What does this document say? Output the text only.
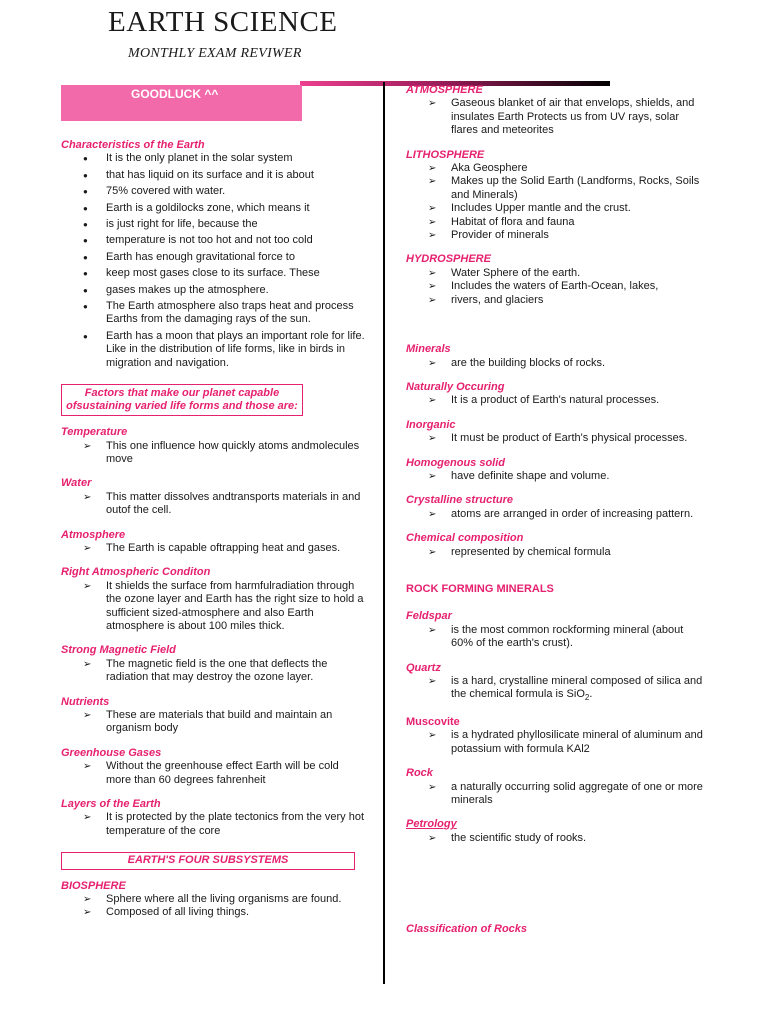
EARTH SCIENCE
MONTHLY EXAM REVIWER
GOODLUCK ^^
Characteristics of the Earth
● It is the only planet in the solar system
● that has liquid on its surface and it is about
● 75% covered with water.
● Earth is a goldilocks zone, which means it
● is just right for life, because the
● temperature is not too hot and not too cold
● Earth has enough gravitational force to
● keep most gases close to its surface. These
● gases makes up the atmosphere.
● The Earth atmosphere also traps heat and process Earths from the damaging rays of the sun.
● Earth has a moon that plays an important role for life. Like in the distribution of life forms, like in birds in migration and navigation.
Factors that make our planet capable ofsustaining varied life forms and those are:
Temperature
➢ This one influence how quickly atoms andmolecules move
Water
➢ This matter dissolves andtransports materials in and outof the cell.
Atmosphere
➢ The Earth is capable oftrapping heat and gases.
Right Atmospheric Conditon
➢ It shields the surface from harmfulradiation through the ozone layer and Earth has the right size to hold a sufficient sized-atmosphere and also Earth atmosphere is about 100 miles thick.
Strong Magnetic Field
➢ The magnetic field is the one that deflects the radiation that may destroy the ozone layer.
Nutrients
➢ These are materials that build and maintain an organism body
Greenhouse Gases
➢ Without the greenhouse effect Earth will be cold more than 60 degrees fahrenheit
Layers of the Earth
➢ It is protected by the plate tectonics from the very hot temperature of the core
EARTH'S FOUR SUBSYSTEMS
BIOSPHERE
➢ Sphere where all the living organisms are found.
➢ Composed of all living things.
ATMOSPHERE
➢ Gaseous blanket of air that envelops, shields, and insulates Earth Protects us from UV rays, solar flares and meteorites
LITHOSPHERE
➢ Aka Geosphere
➢ Makes up the Solid Earth (Landforms, Rocks, Soils and Minerals)
➢ Includes Upper mantle and the crust.
➢ Habitat of flora and fauna
➢ Provider of minerals
HYDROSPHERE
➢ Water Sphere of the earth.
➢ Includes the waters of Earth-Ocean, lakes,
➢ rivers, and glaciers
Minerals
➢ are the building blocks of rocks.
Naturally Occuring
➢ It is a product of Earth's natural processes.
Inorganic
➢ It must be product of Earth's physical processes.
Homogenous solid
➢ have definite shape and volume.
Crystalline structure
➢ atoms are arranged in order of increasing pattern.
Chemical composition
➢ represented by chemical formula
ROCK FORMING MINERALS
Feldspar
➢ is the most common rockforming mineral (about 60% of the earth's crust).
Quartz
➢ is a hard, crystalline mineral composed of silica and the chemical formula is SiO$_2$.
Muscovite
➢ is a hydrated phyllosilicate mineral of aluminum and potassium with formula KAl2
Rock
➢ a naturally occurring solid aggregate of one or more minerals
Petrology
➢ the scientific study of rooks.
Classification of Rocks
